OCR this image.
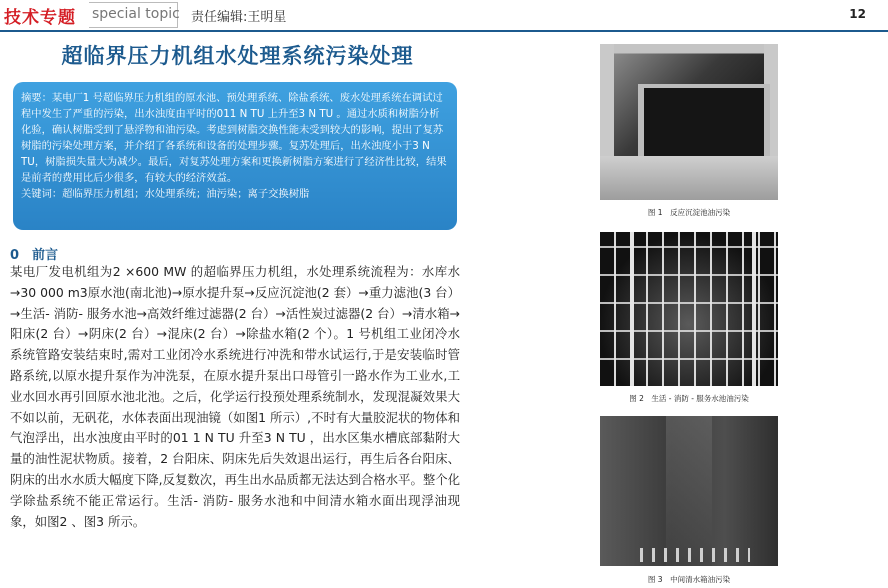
技术专题 special topic 责任编辑:王明星	12
超临界压力机组水处理系统污染处理

摘要：某电厂1 号超临界压力机组的原水池、预处理系统、除盐系统、废水处理系统在调试过程中发生了严重的污染，出水浊度由平时的011 N TU 上升至3 N TU 。通过水质和树脂分析化验，确认树脂受到了悬浮物和油污染。考虑到树脂交换性能未受到较大的影响，提出了复苏树脂的污染处理方案，并介绍了各系统和设备的处理步骤。复苏处理后，出水浊度小于3 N TU，树脂损失量大为减少。最后，对复苏处理方案和更换新树脂方案进行了经济性比较，结果是前者的费用比后少很多，有较大的经济效益。

关键词：超临界压力机组；水处理系统；油污染；离子交换树脂

0　前言

某电厂发电机组为2 ×600 MW 的超临界压力机组，水处理系统流程为：水库水→30 000 m3原水池(南北池)→原水提升泵→反应沉淀池(2 套）→重力滤池(3 台）→生活- 消防- 服务水池→高效纤维过滤器(2 台）→活性炭过滤器(2 台）→清水箱→阳床(2 台）→阴床(2 台）→混床(2 台）→除盐水箱(2 个）。1 号机组工业闭冷水系统管路安装结束时,需对工业闭冷水系统进行冲洗和带水试运行,于是安装临时管路系统,以原水提升泵作为冲洗泵，在原水提升泵出口母管引一路水作为工业水,工业水回水再引回原水池北池。之后，化学运行投预处理系统制水，发现混凝效果大不如以前，无矾花，水体表面出现油镜（如图1 所示）,不时有大量胶泥状的物体和气泡浮出，出水浊度由平时的01 1 N TU 升至3 N TU ，出水区集水槽底部黏附大量的油性泥状物质。接着，2 台阳床、阴床先后失效退出运行，再生后各台阳床、阴床的出水水质大幅度下降,反复数次，再生出水品质都无法达到合格水平。整个化学除盐系统不能正常运行。生活- 消防- 服务水池和中间清水箱水面出现浮油现象，如图2 、图3 所示。

图 1　反应沉淀池油污染
图 2　生活 - 消防 - 服务水池油污染
图 3　中间清水箱油污染
